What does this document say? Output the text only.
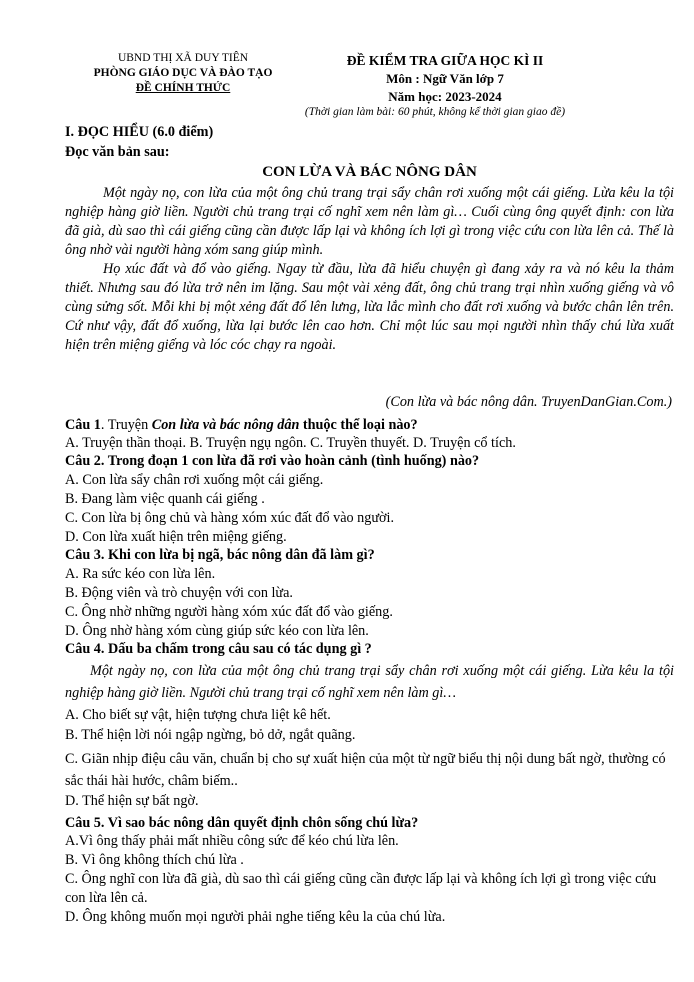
UBND THỊ XÃ DUY TIÊN
PHÒNG GIÁO DỤC VÀ ĐÀO TẠO
ĐỀ CHÍNH THỨC
ĐỀ KIỂM TRA GIỮA HỌC KÌ II
Môn : Ngữ Văn lớp 7
Năm học: 2023-2024
(Thời gian làm bài: 60 phút, không kể thời gian giao đề)
I. ĐỌC HIỂU (6.0 điểm)
Đọc văn bản sau:
CON LỪA VÀ BÁC NÔNG DÂN

Một ngày nọ, con lừa của một ông chủ trang trại sẩy chân rơi xuống một cái giếng. Lừa kêu la tội nghiệp hàng giờ liền. Người chủ trang trại cố nghĩ xem nên làm gì… Cuối cùng ông quyết định: con lừa đã già, dù sao thì cái giếng cũng cần được lấp lại và không ích lợi gì trong việc cứu con lừa lên cả. Thế là ông nhờ vài người hàng xóm sang giúp mình.

Họ xúc đất và đổ vào giếng. Ngay từ đầu, lừa đã hiểu chuyện gì đang xảy ra và nó kêu la thảm thiết. Nhưng sau đó lừa trở nên im lặng. Sau một vài xẻng đất, ông chủ trang trại nhìn xuống giếng và vô cùng sửng sốt. Mỗi khi bị một xẻng đất đổ lên lưng, lừa lắc mình cho đất rơi xuống và bước chân lên trên. Cứ như vậy, đất đổ xuống, lừa lại bước lên cao hơn. Chỉ một lúc sau mọi người nhìn thấy chú lừa xuất hiện trên miệng giếng và lóc cóc chạy ra ngoài.

(Con lừa và bác nông dân. TruyenDanGian.Com.)
Câu 1. Truyện Con lừa và bác nông dân thuộc thể loại nào?
A. Truyện thần thoại. B. Truyện ngụ ngôn. C. Truyền thuyết. D. Truyện cổ tích.
Câu 2. Trong đoạn 1 con lừa đã rơi vào hoàn cảnh (tình huống) nào?
A. Con lừa sẩy chân rơi xuống một cái giếng.
B. Đang làm việc quanh cái giếng .
C. Con lừa bị ông chủ và hàng xóm xúc đất đổ vào người.
D. Con lừa xuất hiện trên miệng giếng.
Câu 3. Khi con lừa bị ngã, bác nông dân đã làm gì?
A. Ra sức kéo con lừa lên.
B. Động viên và trò chuyện với con lừa.
C. Ông nhờ những người hàng xóm xúc đất đổ vào giếng.
D. Ông nhờ hàng xóm cùng giúp sức kéo con lừa lên.
Câu 4. Dấu ba chấm trong câu sau có tác dụng gì ?

Một ngày nọ, con lừa của một ông chủ trang trại sẩy chân rơi xuống một cái giếng. Lừa kêu la tội nghiệp hàng giờ liền. Người chủ trang trại cố nghĩ xem nên làm gì…

A. Cho biết sự vật, hiện tượng chưa liệt kê hết.
B. Thể hiện lời nói ngập ngừng, bỏ dở, ngắt quãng.
C. Giãn nhịp điệu câu văn, chuẩn bị cho sự xuất hiện của một từ ngữ biểu thị nội dung bất ngờ, thường có sắc thái hài hước, châm biếm..
D. Thể hiện sự bất ngờ.
Câu 5. Vì sao bác nông dân quyết định chôn sống chú lừa?
A.Vì ông thấy phải mất nhiều công sức để kéo chú lừa lên.
B. Vì ông không thích chú lừa .
C. Ông nghĩ con lừa đã già, dù sao thì cái giếng cũng cần được lấp lại và không ích lợi gì trong việc cứu con lừa lên cả.
D. Ông không muốn mọi người phải nghe tiếng kêu la của chú lừa.
